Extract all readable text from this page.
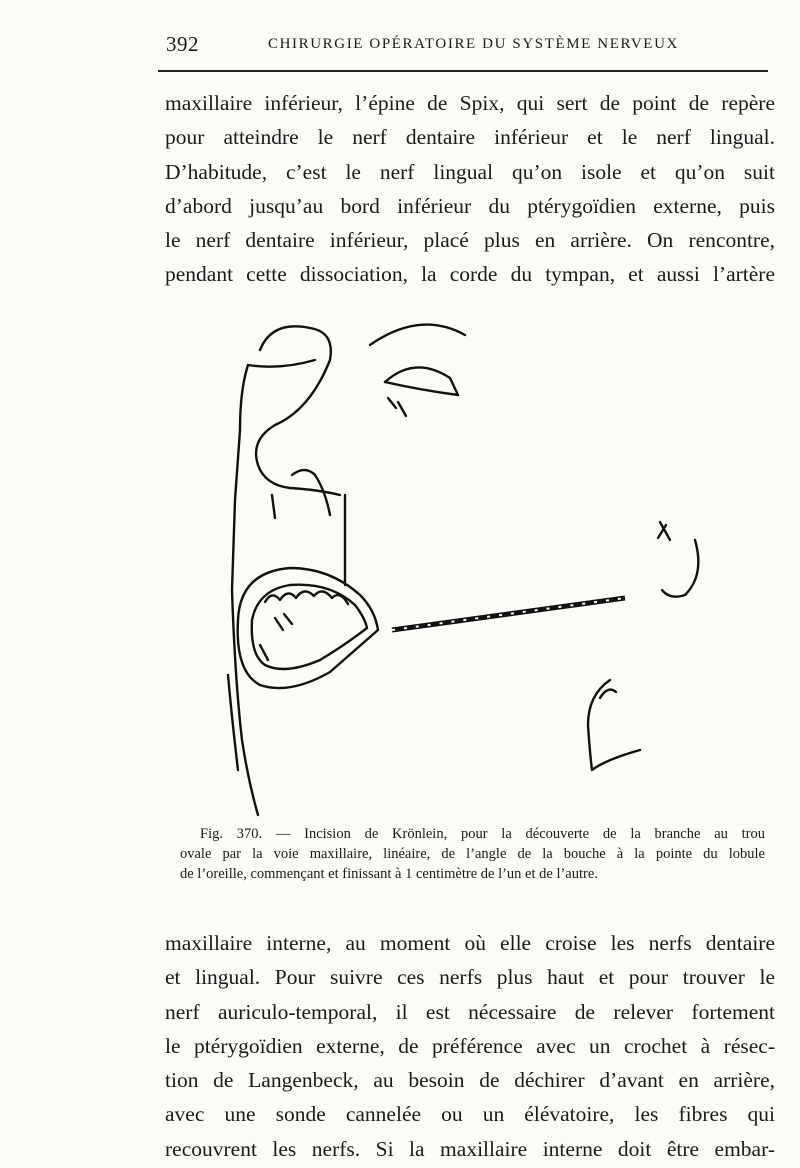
392	CHIRURGIE OPÉRATOIRE DU SYSTÈME NERVEUX
maxillaire inférieur, l’épine de Spix, qui sert de point de repère
pour atteindre le nerf dentaire inférieur et le nerf lingual.
D’habitude, c’est le nerf lingual qu’on isole et qu’on suit
d’abord jusqu’au bord inférieur du ptérygoïdien externe, puis
le nerf dentaire inférieur, placé plus en arrière. On rencontre,
pendant cette dissociation, la corde du tympan, et aussi l’artère
Fig. 370. — Incision de Krönlein, pour la découverte de la branche au trou
ovale par la voie maxillaire, linéaire, de l’angle de la bouche à la pointe du lobule
de l’oreille, commençant et finissant à 1 centimètre de l’un et de l’autre.
maxillaire interne, au moment où elle croise les nerfs dentaire
et lingual. Pour suivre ces nerfs plus haut et pour trouver le
nerf auriculo-temporal, il est nécessaire de relever fortement
le ptérygoïdien externe, de préférence avec un crochet à résec-
tion de Langenbeck, au besoin de déchirer d’avant en arrière,
avec une sonde cannelée ou un élévatoire, les fibres qui
recouvrent les nerfs. Si la maxillaire interne doit être embar-
